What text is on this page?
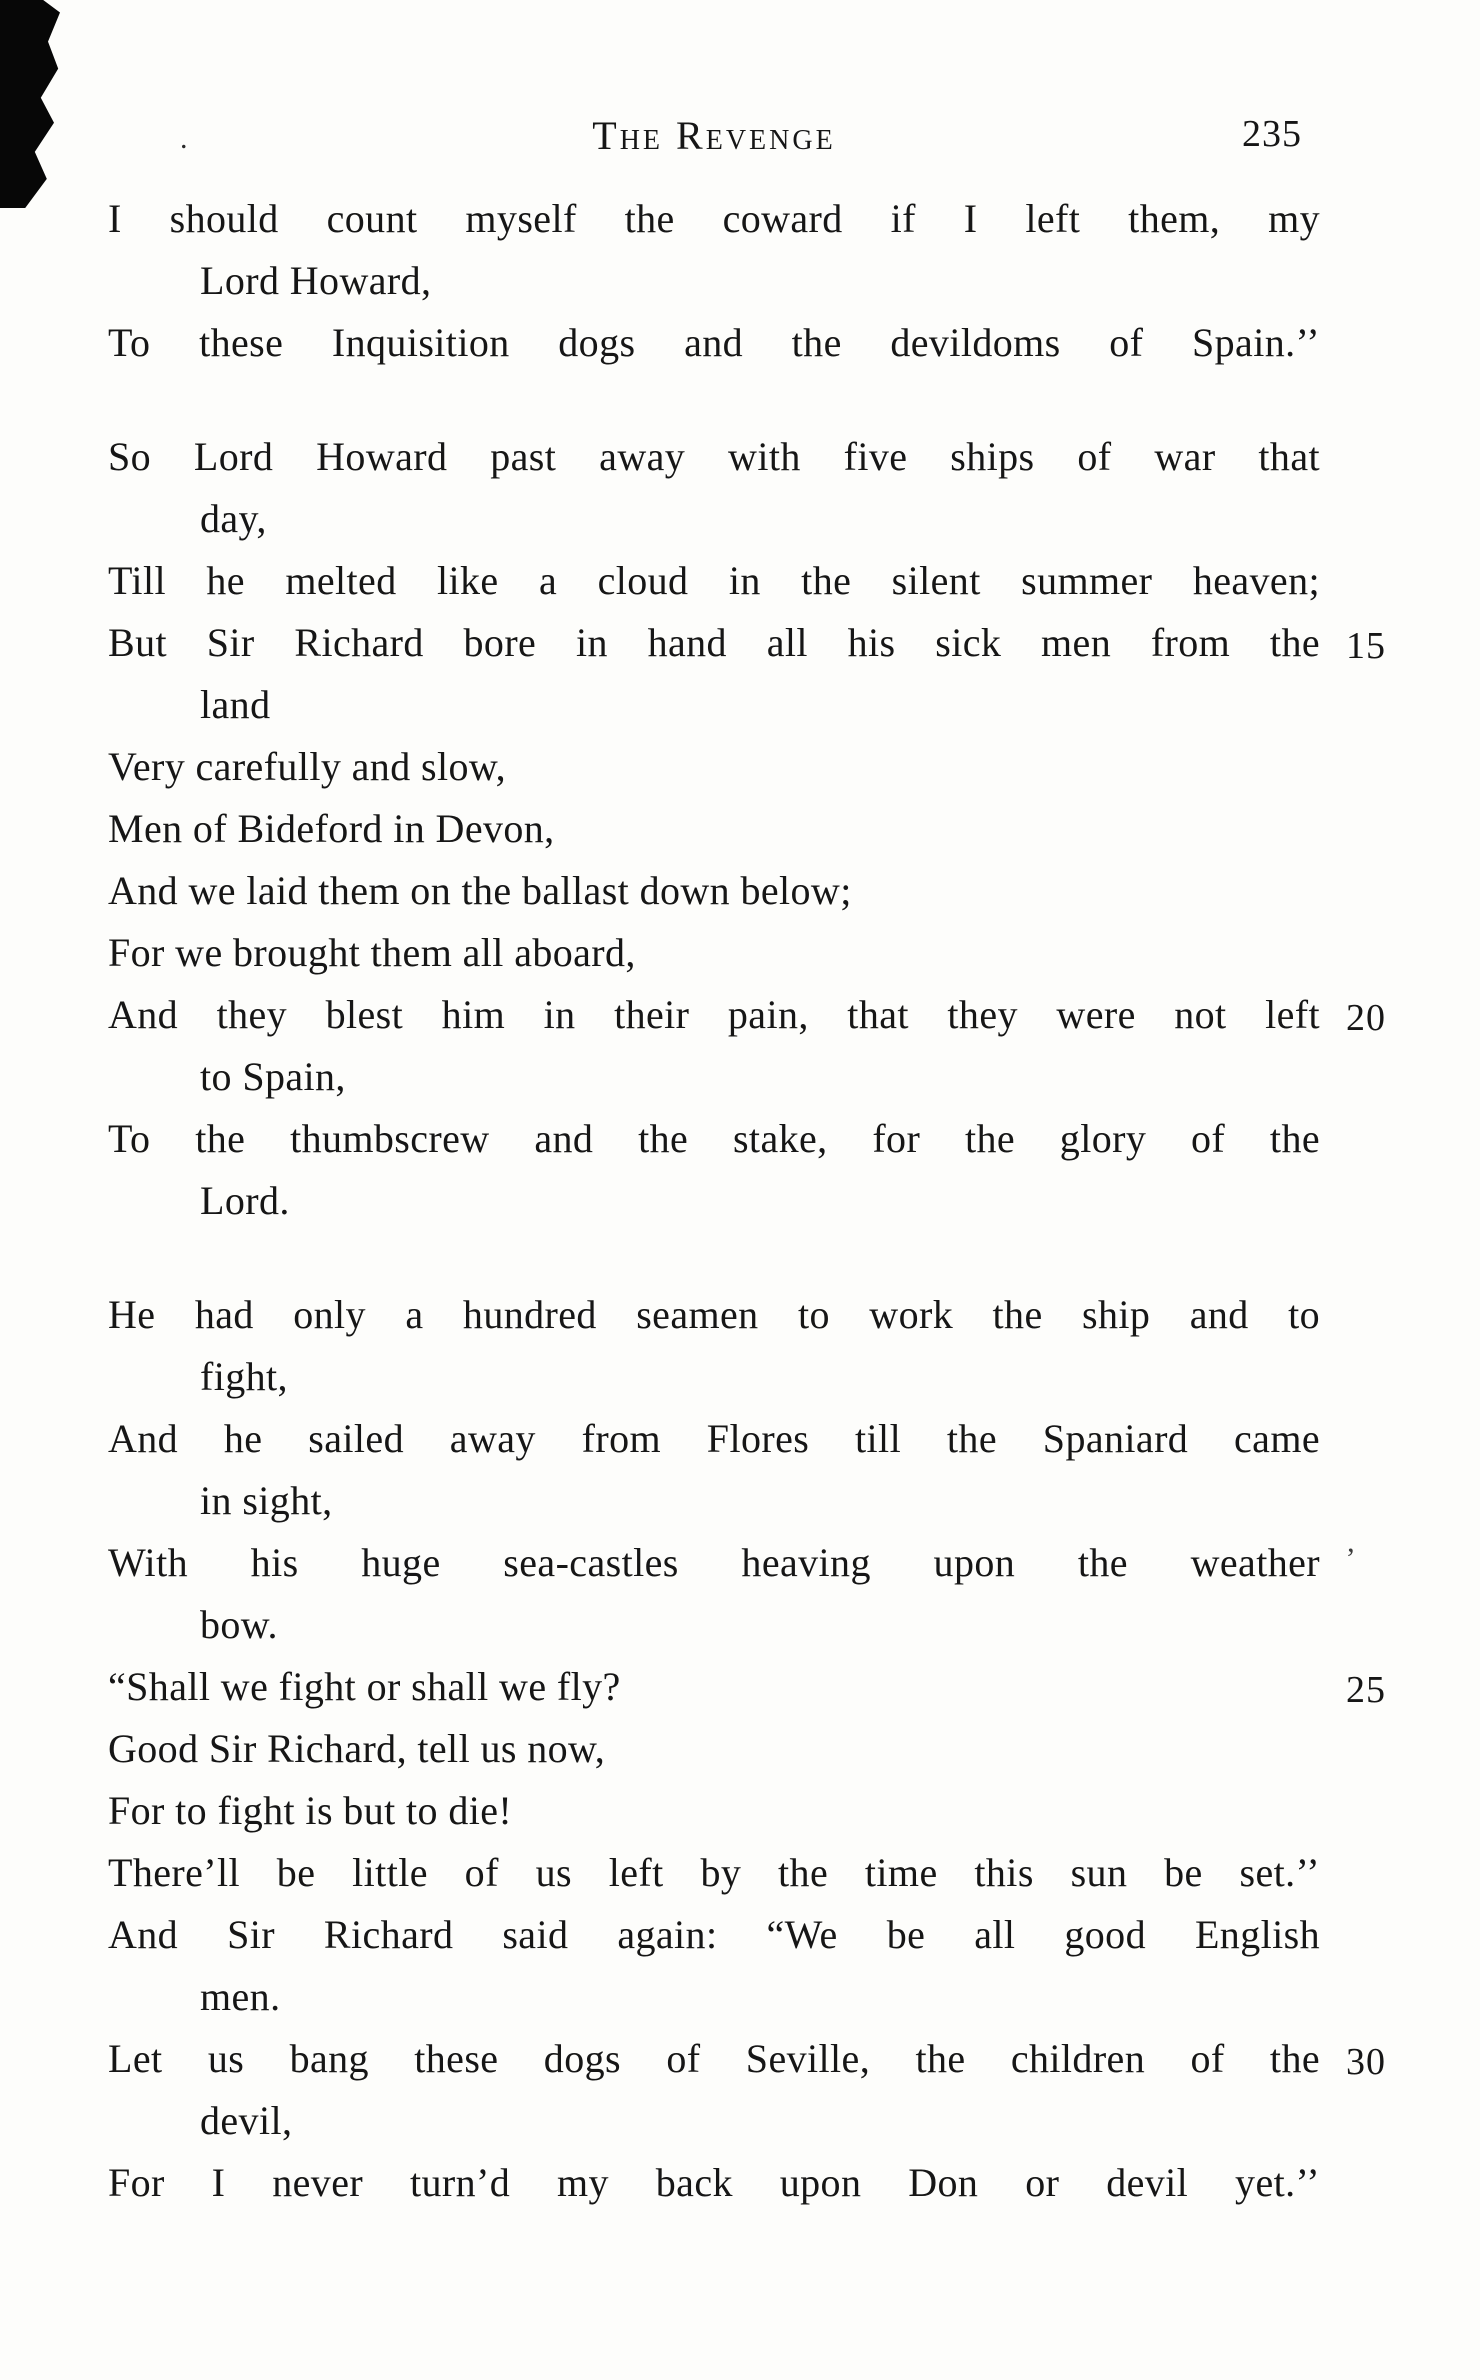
.	The Revenge	235
I should count myself the coward if I left them, my
Lord Howard,
To these Inquisition dogs and the devildoms of Spain.’’
So Lord Howard past away with five ships of war that
day,
Till he melted like a cloud in the silent summer heaven;
But Sir Richard bore in hand all his sick men from the 15
land
Very carefully and slow,
Men of Bideford in Devon,
And we laid them on the ballast down below;
For we brought them all aboard,
And they blest him in their pain, that they were not left 20
to Spain,
To the thumbscrew and the stake, for the glory of the
Lord.
He had only a hundred seamen to work the ship and to
fight,
And he sailed away from Flores till the Spaniard came
in sight,
With his huge sea-castles heaving upon the weather ’
bow.
“Shall we fight or shall we fly?	25
Good Sir Richard, tell us now,
For to fight is but to die!
There’ll be little of us left by the time this sun be set.’’
And Sir Richard said again: “We be all good English
men.
Let us bang these dogs of Seville, the children of the 30
devil,
For I never turn’d my back upon Don or devil yet.’’
